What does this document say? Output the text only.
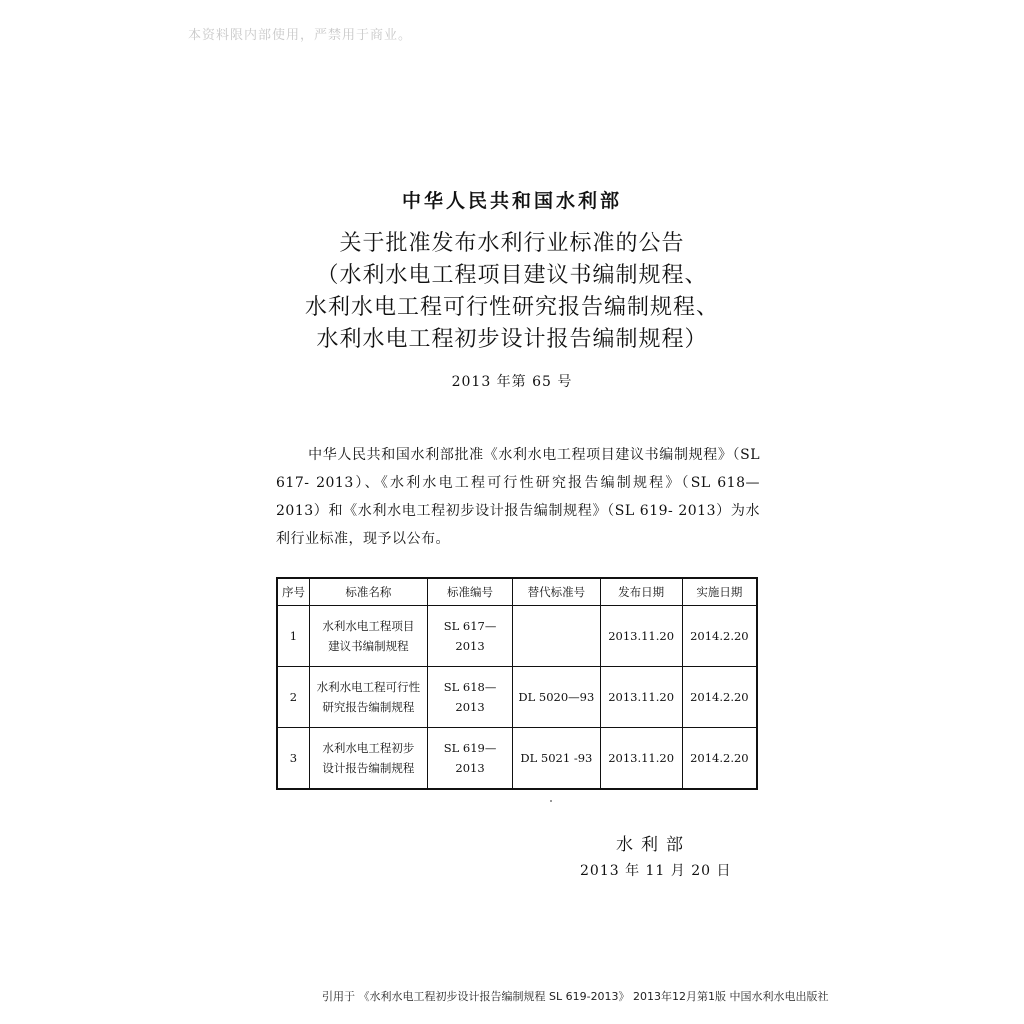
本资料限内部使用，严禁用于商业。
中华人民共和国水利部
关于批准发布水利行业标准的公告
（水利水电工程项目建议书编制规程、
水利水电工程可行性研究报告编制规程、
水利水电工程初步设计报告编制规程）
2013 年第 65 号
中华人民共和国水利部批准《水利水电工程项目建议书编制规程》（SL 617- 2013）、《水利水电工程可行性研究报告编制规程》（SL 618—2013）和《水利水电工程初步设计报告编制规程》（SL 619- 2013）为水利行业标准，现予以公布。
序号	标准名称	标准编号	替代标准号	发布日期	实施日期
1	水利水电工程项目
建议书编制规程	SL 617—2013		2013.11.20	2014.2.20
2	水利水电工程可行性
研究报告编制规程	SL 618—2013	DL 5020—93	2013.11.20	2014.2.20
3	水利水电工程初步
设计报告编制规程	SL 619—2013	DL 5021 -93	2013.11.20	2014.2.20
水利部
2013 年 11 月 20 日
引用于 《水利水电工程初步设计报告编制规程 SL 619-2013》 2013年12月第1版 中国水利水电出版社
